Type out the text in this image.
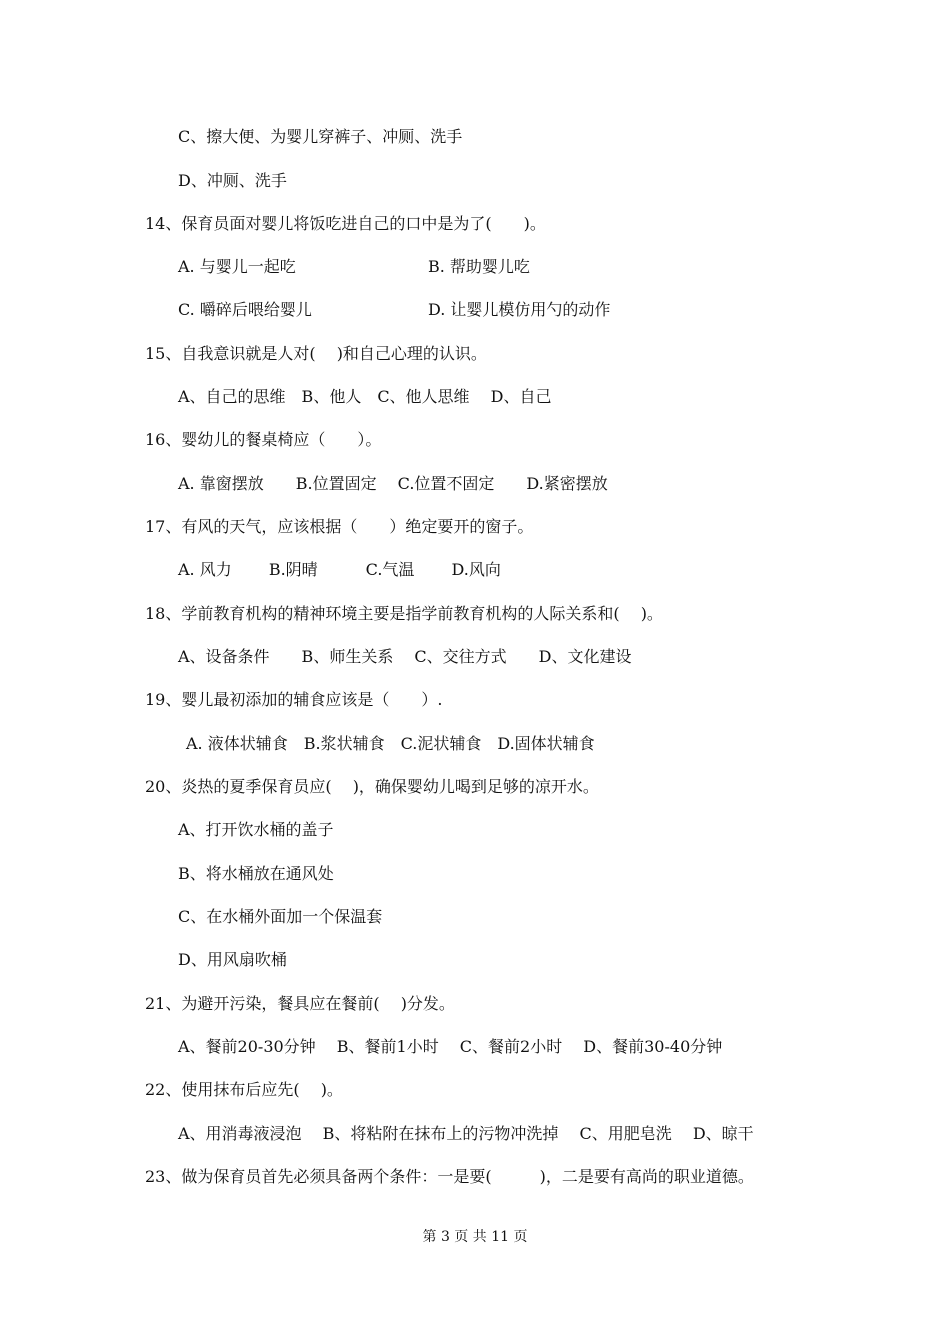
C、擦大便、为婴儿穿裤子、冲厕、洗手
D、冲厕、洗手
14、保育员面对婴儿将饭吃进自己的口中是为了(　　)。
A. 与婴儿一起吃	B. 帮助婴儿吃
C. 嚼碎后喂给婴儿	D. 让婴儿模仿用勺的动作
15、自我意识就是人对(　 )和自己心理的认识。
A、自己的思维　B、他人　C、他人思维　 D、自己
16、婴幼儿的餐桌椅应（　　）。
A. 靠窗摆放　　B.位置固定　 C.位置不固定　　D.紧密摆放
17、有风的天气，应该根据（　　）绝定要开的窗子。
A. 风力　　 B.阴晴　　　C.气温　　 D.风向
18、学前教育机构的精神环境主要是指学前教育机构的人际关系和(　 )。
A、设备条件　　B、师生关系　 C、交往方式　　D、文化建设
19、婴儿最初添加的辅食应该是（　　）.
A. 液体状辅食　B.浆状辅食　C.泥状辅食　D.固体状辅食
20、炎热的夏季保育员应(　 )，确保婴幼儿喝到足够的凉开水。
A、打开饮水桶的盖子
B、将水桶放在通风处
C、在水桶外面加一个保温套
D、用风扇吹桶
21、为避开污染，餐具应在餐前(　 )分发。
A、餐前20-30分钟　 B、餐前1小时　 C、餐前2小时　 D、餐前30-40分钟
22、使用抹布后应先(　 )。
A、用消毒液浸泡　 B、将粘附在抹布上的污物冲洗掉　 C、用肥皂洗　 D、晾干
23、做为保育员首先必须具备两个条件：一是要(　　　)，二是要有高尚的职业道德。
第 3 页 共 11 页
